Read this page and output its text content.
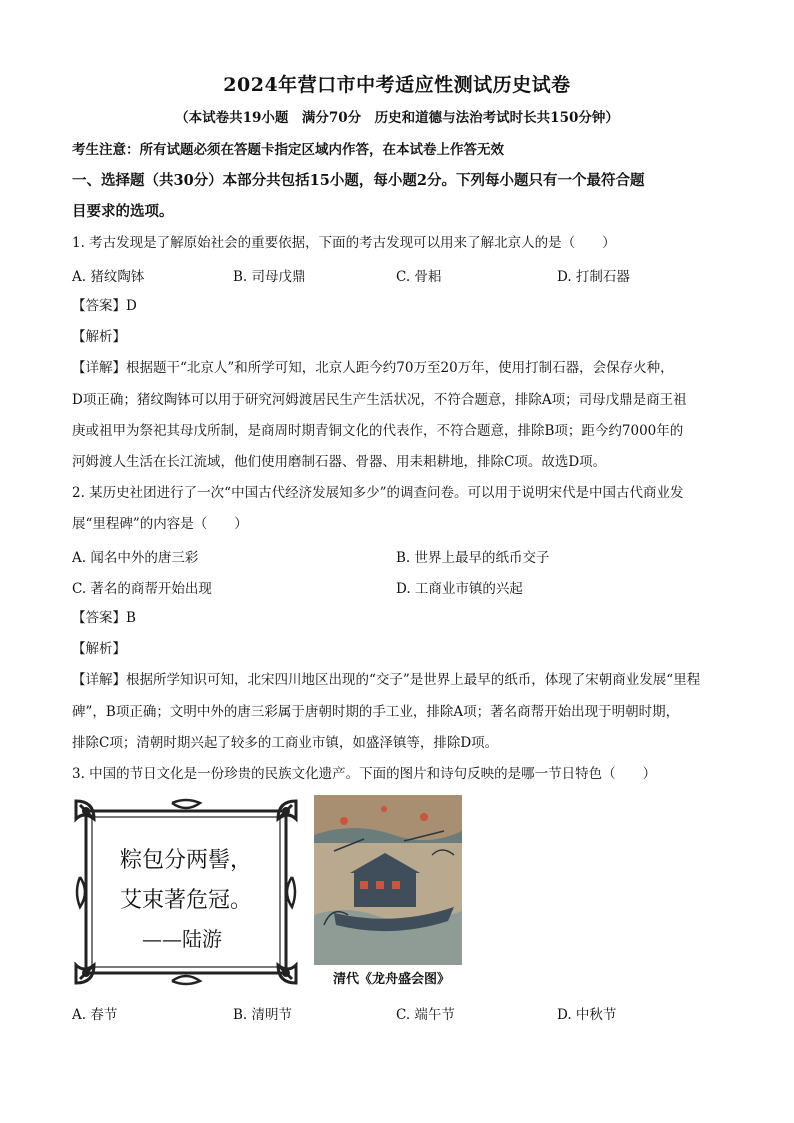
2024年营口市中考适应性测试历史试卷
（本试卷共19小题　满分70分　历史和道德与法治考试时长共150分钟）
考生注意：所有试题必须在答题卡指定区域内作答，在本试卷上作答无效
一、选择题（共30分）本部分共包括15小题，每小题2分。下列每小题只有一个最符合题
目要求的选项。
1. 考古发现是了解原始社会的重要依据，下面的考古发现可以用来了解北京人的是（　　）
A. 猪纹陶钵	B. 司母戊鼎	C. 骨耜	D. 打制石器
【答案】D
【解析】
【详解】根据题干“北京人”和所学可知，北京人距今约70万至20万年，使用打制石器，会保存火种，
D项正确；猪纹陶钵可以用于研究河姆渡居民生产生活状况，不符合题意，排除A项；司母戊鼎是商王祖
庚或祖甲为祭祀其母戊所制，是商周时期青铜文化的代表作，不符合题意，排除B项；距今约7000年的
河姆渡人生活在长江流域，他们使用磨制石器、骨器、用耒耜耕地，排除C项。故选D项。
2. 某历史社团进行了一次“中国古代经济发展知多少”的调查问卷。可以用于说明宋代是中国古代商业发
展“里程碑”的内容是（　　）
A. 闻名中外的唐三彩	B. 世界上最早的纸币交子
C. 著名的商帮开始出现	D. 工商业市镇的兴起
【答案】B
【解析】
【详解】根据所学知识可知，北宋四川地区出现的“交子”是世界上最早的纸币，体现了宋朝商业发展“里程
碑”，B项正确；文明中外的唐三彩属于唐朝时期的手工业，排除A项；著名商帮开始出现于明朝时期，
排除C项；清朝时期兴起了较多的工商业市镇，如盛泽镇等，排除D项。
3. 中国的节日文化是一份珍贵的民族文化遗产。下面的图片和诗句反映的是哪一节日特色（　　）
粽包分两髻，
艾束著危冠。
——陆游
清代《龙舟盛会图》
A. 春节	B. 清明节	C. 端午节	D. 中秋节
